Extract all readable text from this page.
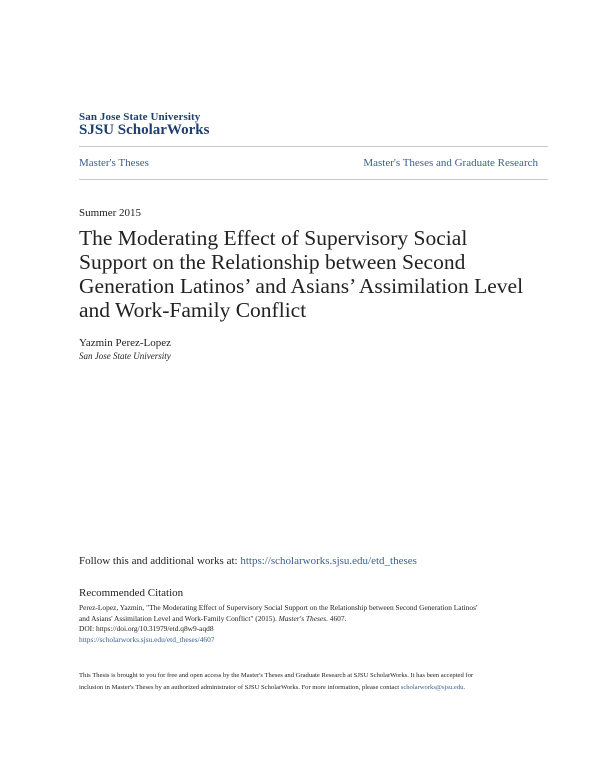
San Jose State University
SJSU ScholarWorks
Master's Theses	Master's Theses and Graduate Research
Summer 2015
The Moderating Effect of Supervisory Social
Support on the Relationship between Second
Generation Latinos’ and Asians’ Assimilation Level
and Work-Family Conflict
Yazmin Perez-Lopez
San Jose State University
Follow this and additional works at: https://scholarworks.sjsu.edu/etd_theses
Recommended Citation
Perez-Lopez, Yazmin, "The Moderating Effect of Supervisory Social Support on the Relationship between Second Generation Latinos'
and Asians' Assimilation Level and Work-Family Conflict" (2015). Master's Theses. 4607.
DOI: https://doi.org/10.31979/etd.q8w9-aqd8
https://scholarworks.sjsu.edu/etd_theses/4607
This Thesis is brought to you for free and open access by the Master's Theses and Graduate Research at SJSU ScholarWorks. It has been accepted for
inclusion in Master's Theses by an authorized administrator of SJSU ScholarWorks. For more information, please contact scholarworks@sjsu.edu.
